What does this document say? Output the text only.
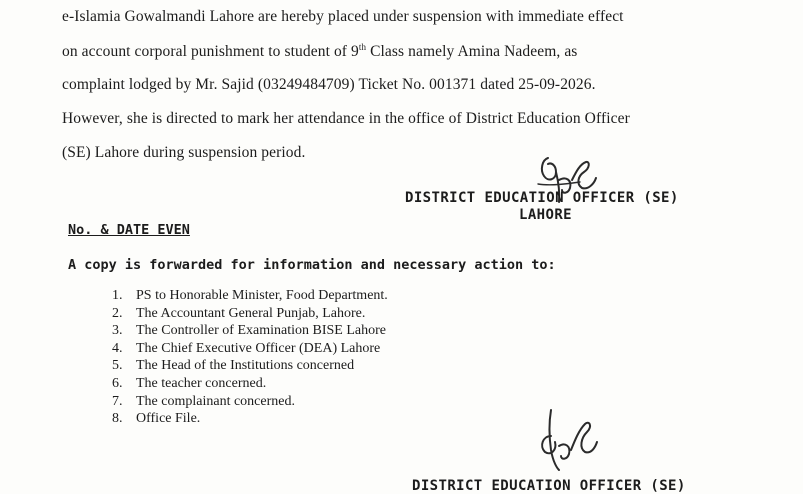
e-Islamia Gowalmandi Lahore are hereby placed under suspension with immediate effect
on account corporal punishment to student of 9th Class namely Amina Nadeem, as
complaint lodged by Mr. Sajid (03249484709) Ticket No. 001371 dated 25-09-2026.
However, she is directed to mark her attendance in the office of District Education Officer
(SE) Lahore during suspension period.
DISTRICT EDUCATION OFFICER (SE)
LAHORE
No. & DATE EVEN
A copy is forwarded for information and necessary action to:
1. PS to Honorable Minister, Food Department.
2. The Accountant General Punjab, Lahore.
3. The Controller of Examination BISE Lahore
4. The Chief Executive Officer (DEA) Lahore
5. The Head of the Institutions concerned
6. The teacher concerned.
7. The complainant concerned.
8. Office File.
DISTRICT EDUCATION OFFICER (SE)
